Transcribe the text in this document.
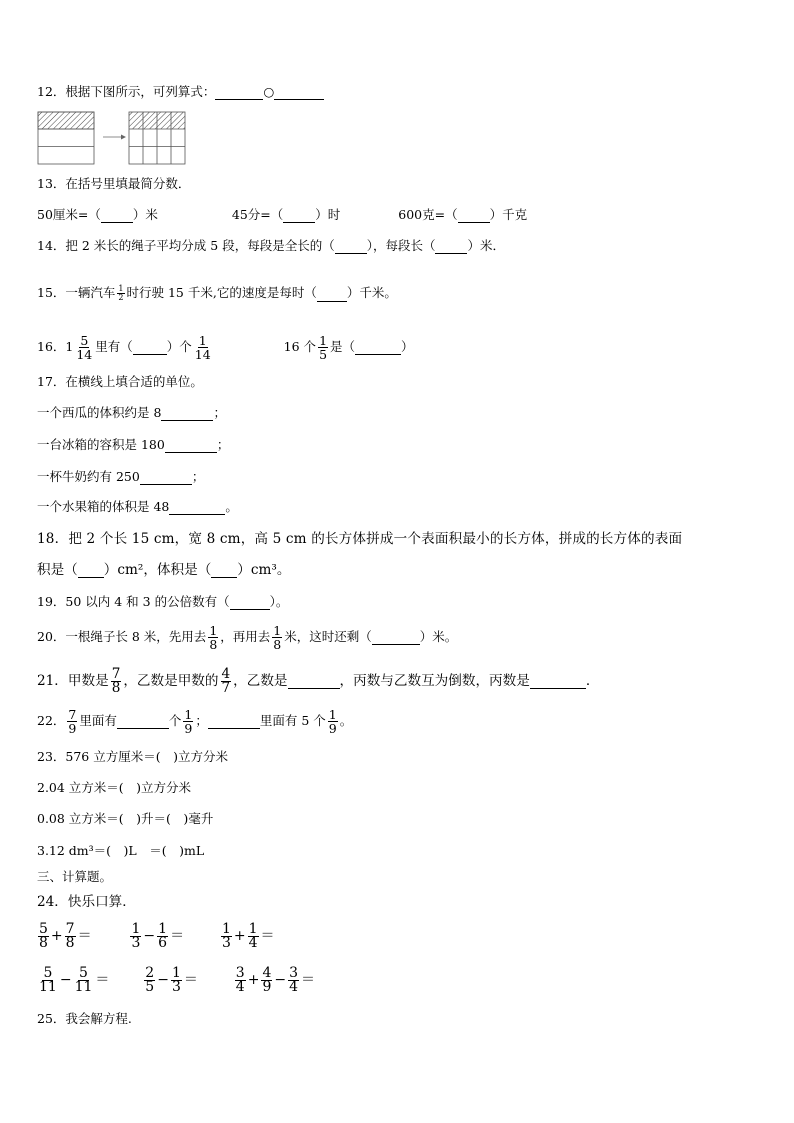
12．根据下图所示，可列算式：	○
13．在括号里填最简分数．
50厘米=（	）米	45分=（	）时	600克=（	）千克
14．把 2 米长的绳子平均分成 5 段，每段是全长的（	），每段长（	）米．
15．一辆汽车 $\frac{1}{2}$ 时行驶 15 千米,它的速度是每时（ ）千米。
16．$1 \frac{5}{14}$ 里有（	）个 $\frac{1}{14}$	16 个 $\frac{1}{5}$ 是（	）
17．在横线上填合适的单位。
一个西瓜的体积约是 8	；
一台冰箱的容积是 180	；
一杯牛奶约有 250	；
一个水果箱的体积是 48	。
18．把 2 个长 15 cm，宽 8 cm，高 5 cm 的长方体拼成一个表面积最小的长方体，拼成的长方体的表面
积是（ ）cm²，体积是（ ）cm³。
19．50 以内 4 和 3 的公倍数有（	）。
20．一根绳子长 8 米，先用去 $\frac{1}{8}$ ，再用去 $\frac{1}{8}$ 米，这时还剩（	）米。
21．甲数是 $\frac{7}{8}$ ，乙数是甲数的 $\frac{4}{7}$ ，乙数是	，丙数与乙数互为倒数，丙数是	．
22． $\frac{7}{9}$ 里面有	个 $\frac{1}{9}$ ；	里面有 5 个 $\frac{1}{9}$ 。
23．576 立方厘米＝(　)立方分米
2.04 立方米＝(　)立方分米
0.08 立方米＝(　)升＝(　)毫升
3.12 dm³＝(　)L　＝(　)mL
三、计算题。
24．快乐口算．
$\frac{5}{8} + \frac{7}{8}$ ＝	$\frac{1}{3} - \frac{1}{6}$ ＝	$\frac{1}{3} + \frac{1}{4}$ ＝
$\frac{5}{11} - \frac{5}{11} = \frac{2}{5} - \frac{1}{3}$ ＝	$\frac{3}{4} + \frac{4}{9} - \frac{3}{4}$ ＝
25．我会解方程.
